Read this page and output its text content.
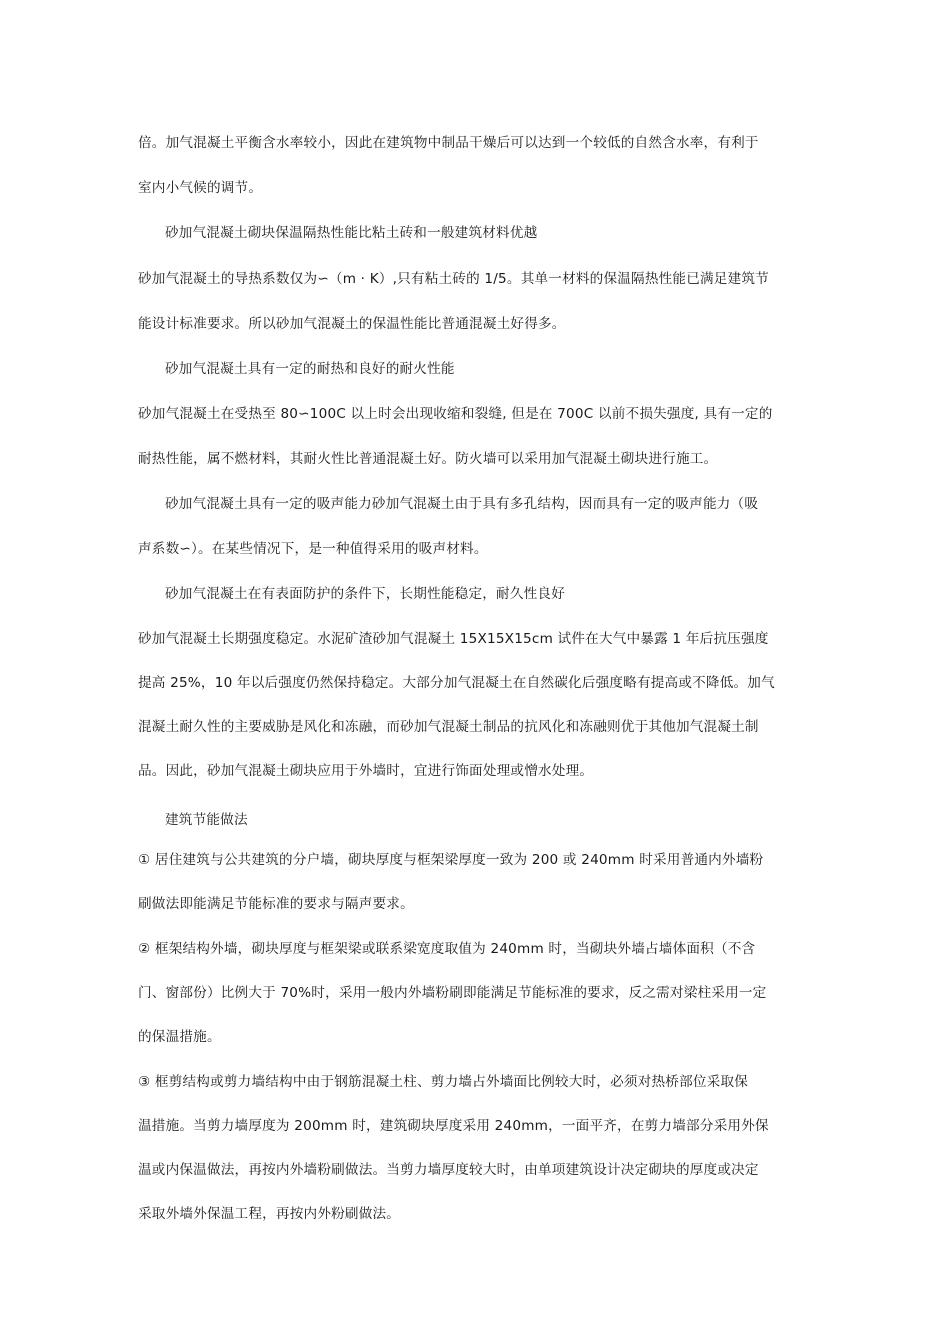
倍。加气混凝土平衡含水率较小，因此在建筑物中制品干燥后可以达到一个较低的自然含水率，有利于
室内小气候的调节。
砂加气混凝土砌块保温隔热性能比粘土砖和一般建筑材料优越
砂加气混凝土的导热系数仅为∽（m · K）,只有粘土砖的 1/5。其单一材料的保温隔热性能已满足建筑节
能设计标准要求。所以砂加气混凝土的保温性能比普通混凝土好得多。
砂加气混凝土具有一定的耐热和良好的耐火性能
砂加气混凝土在受热至 80∽100C 以上时会出现收缩和裂缝, 但是在 700C 以前不损失强度, 具有一定的
耐热性能，属不燃材料，其耐火性比普通混凝土好。防火墙可以采用加气混凝土砌块进行施工。
砂加气混凝土具有一定的吸声能力砂加气混凝土由于具有多孔结构，因而具有一定的吸声能力（吸
声系数∽）。在某些情况下，是一种值得采用的吸声材料。
砂加气混凝土在有表面防护的条件下，长期性能稳定，耐久性良好
砂加气混凝土长期强度稳定。水泥矿渣砂加气混凝土 15X15X15cm 试件在大气中暴露 1 年后抗压强度
提高 25%，10 年以后强度仍然保持稳定。大部分加气混凝土在自然碳化后强度略有提高或不降低。加气
混凝土耐久性的主要威胁是风化和冻融，而砂加气混凝土制品的抗风化和冻融则优于其他加气混凝土制
品。因此，砂加气混凝土砌块应用于外墙时，宜进行饰面处理或憎水处理。
建筑节能做法
① 居住建筑与公共建筑的分户墙，砌块厚度与框架梁厚度一致为 200 或 240mm 时采用普通内外墙粉
刷做法即能满足节能标准的要求与隔声要求。
② 框架结构外墙，砌块厚度与框架梁或联系梁宽度取值为 240mm 时，当砌块外墙占墙体面积（不含
门、窗部份）比例大于 70%时，采用一般内外墙粉刷即能满足节能标准的要求，反之需对梁柱采用一定
的保温措施。
③ 框剪结构或剪力墙结构中由于钢筋混凝土柱、剪力墙占外墙面比例较大时，必须对热桥部位采取保
温措施。当剪力墙厚度为 200mm 时，建筑砌块厚度采用 240mm，一面平齐，在剪力墙部分采用外保
温或内保温做法，再按内外墙粉刷做法。当剪力墙厚度较大时，由单项建筑设计决定砌块的厚度或决定
采取外墙外保温工程，再按内外粉刷做法。
